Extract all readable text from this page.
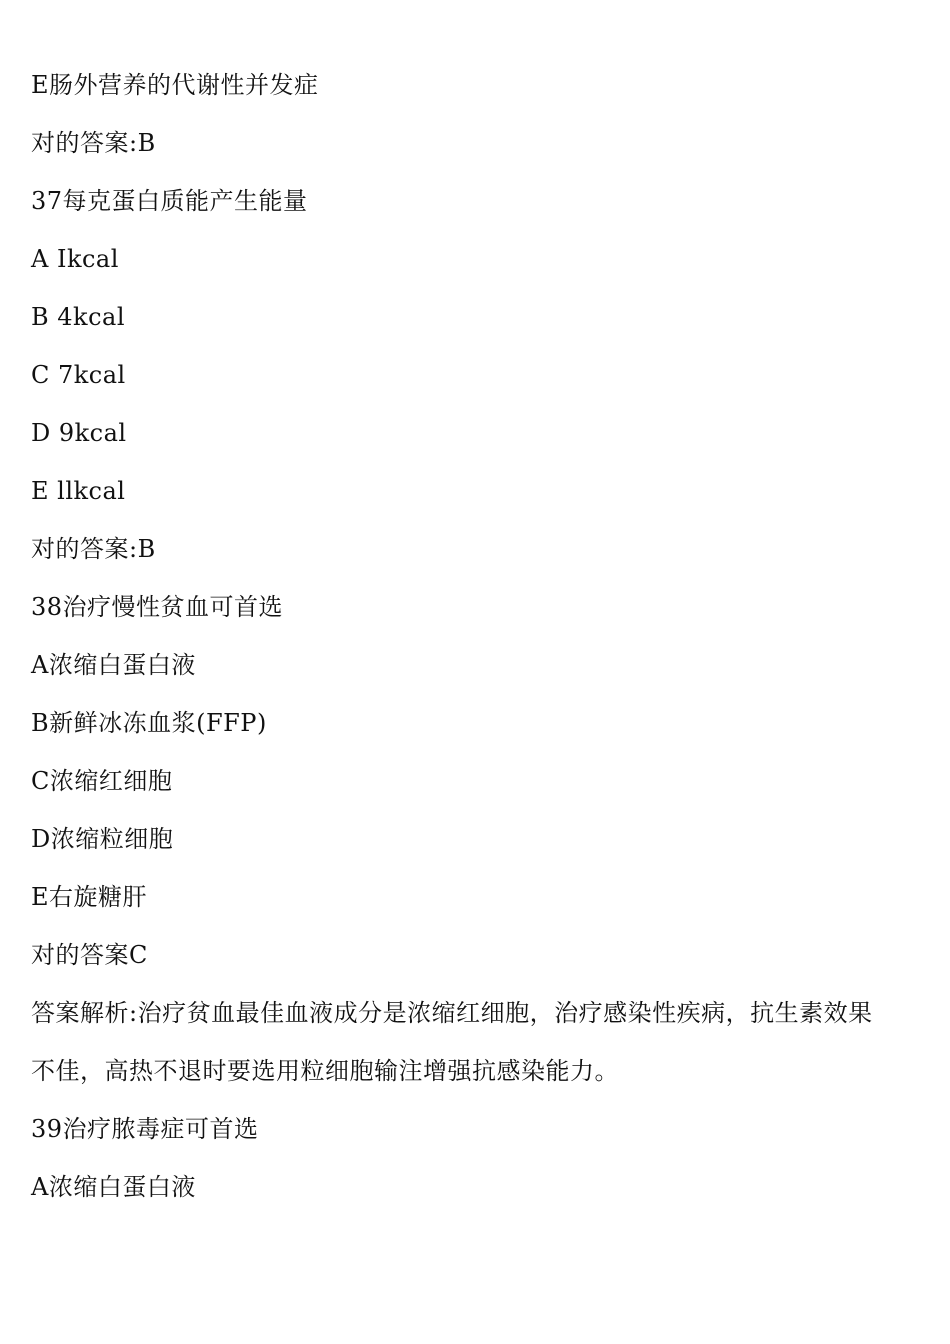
E肠外营养的代谢性并发症
对的答案:B
37每克蛋白质能产生能量
A Ikcal
B 4kcal
C 7kcal
D 9kcal
E llkcal
对的答案:B
38治疗慢性贫血可首选
A浓缩白蛋白液
B新鲜冰冻血浆(FFP)
C浓缩红细胞
D浓缩粒细胞
E右旋糖肝
对的答案C
答案解析:治疗贫血最佳血液成分是浓缩红细胞，治疗感染性疾病，抗生素效果
不佳，高热不退时要选用粒细胞输注增强抗感染能力。
39治疗脓毒症可首选
A浓缩白蛋白液
